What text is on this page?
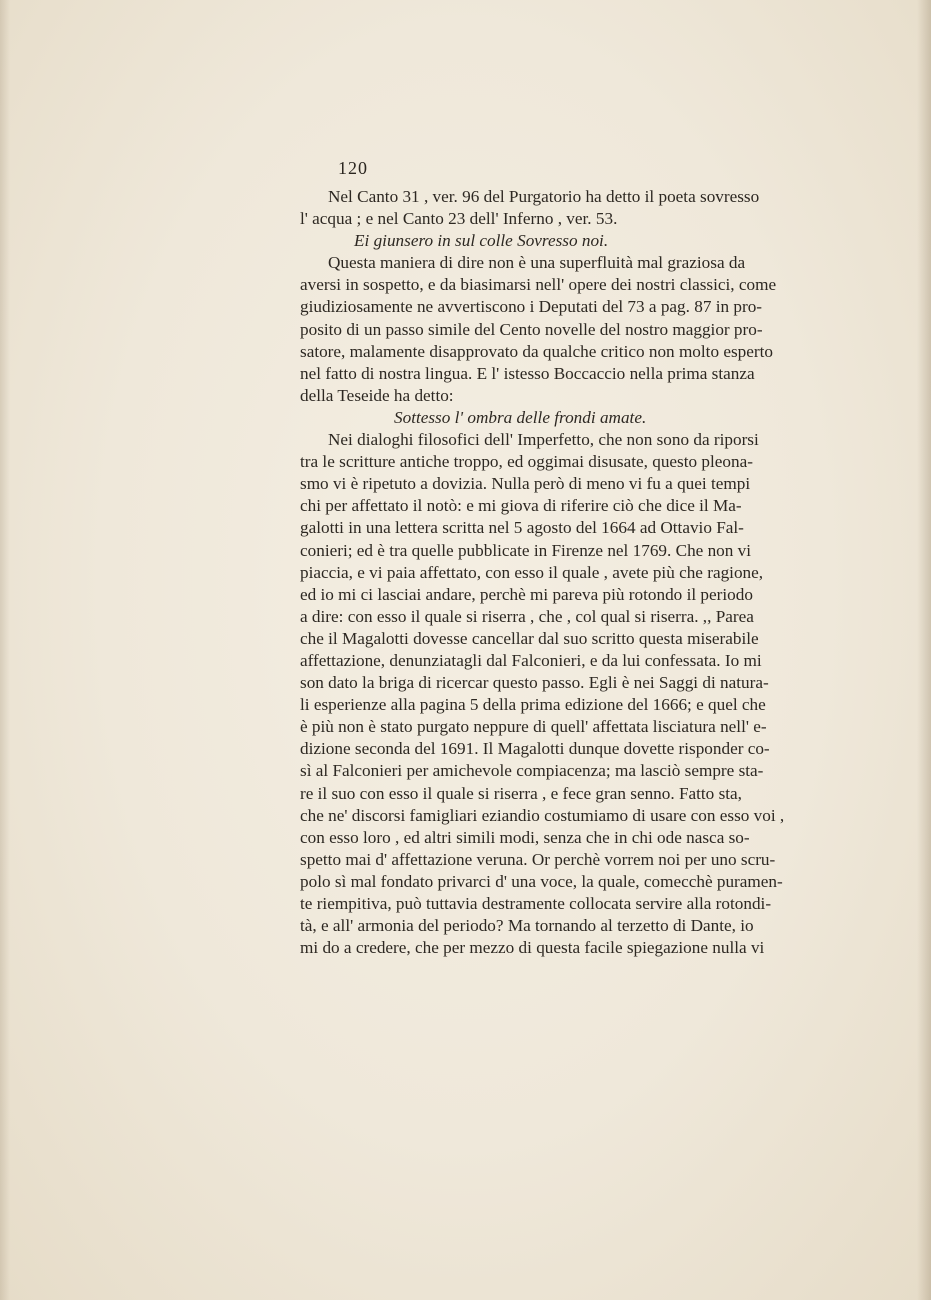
120
Nel Canto 31 , ver. 96 del Purgatorio ha detto il poeta sovresso
l' acqua ; e nel Canto 23 dell' Inferno , ver. 53.
Ei giunsero in sul colle Sovresso noi.
Questa maniera di dire non è una superfluità mal graziosa da
aversi in sospetto, e da biasimarsi nell' opere dei nostri classici, come
giudiziosamente ne avvertiscono i Deputati del 73 a pag. 87 in pro-
posito di un passo simile del Cento novelle del nostro maggior pro-
satore, malamente disapprovato da qualche critico non molto esperto
nel fatto di nostra lingua. E l' istesso Boccaccio nella prima stanza
della Teseide ha detto:
Sottesso l' ombra delle frondi amate.
Nei dialoghi filosofici dell' Imperfetto, che non sono da riporsi
tra le scritture antiche troppo, ed oggimai disusate, questo pleona-
smo vi è ripetuto a dovizia. Nulla però di meno vi fu a quei tempi
chi per affettato il notò: e mi giova di riferire ciò che dice il Ma-
galotti in una lettera scritta nel 5 agosto del 1664 ad Ottavio Fal-
conieri; ed è tra quelle pubblicate in Firenze nel 1769. Che non vi
piaccia, e vi paia affettato, con esso il quale , avete più che ragione,
ed io mi ci lasciai andare, perchè mi pareva più rotondo il periodo
a dire: con esso il quale si riserra , che , col qual si riserra. ,, Parea
che il Magalotti dovesse cancellar dal suo scritto questa miserabile
affettazione, denunziatagli dal Falconieri, e da lui confessata. Io mi
son dato la briga di ricercar questo passo. Egli è nei Saggi di natura-
li esperienze alla pagina 5 della prima edizione del 1666; e quel che
è più non è stato purgato neppure di quell' affettata lisciatura nell' e-
dizione seconda del 1691. Il Magalotti dunque dovette risponder co-
sì al Falconieri per amichevole compiacenza; ma lasciò sempre sta-
re il suo con esso il quale si riserra , e fece gran senno. Fatto sta,
che ne' discorsi famigliari eziandio costumiamo di usare con esso voi ,
con esso loro , ed altri simili modi, senza che in chi ode nasca so-
spetto mai d' affettazione veruna. Or perchè vorrem noi per uno scru-
polo sì mal fondato privarci d' una voce, la quale, comecchè puramen-
te riempitiva, può tuttavia destramente collocata servire alla rotondi-
tà, e all' armonia del periodo? Ma tornando al terzetto di Dante, io
mi do a credere, che per mezzo di questa facile spiegazione nulla vi
